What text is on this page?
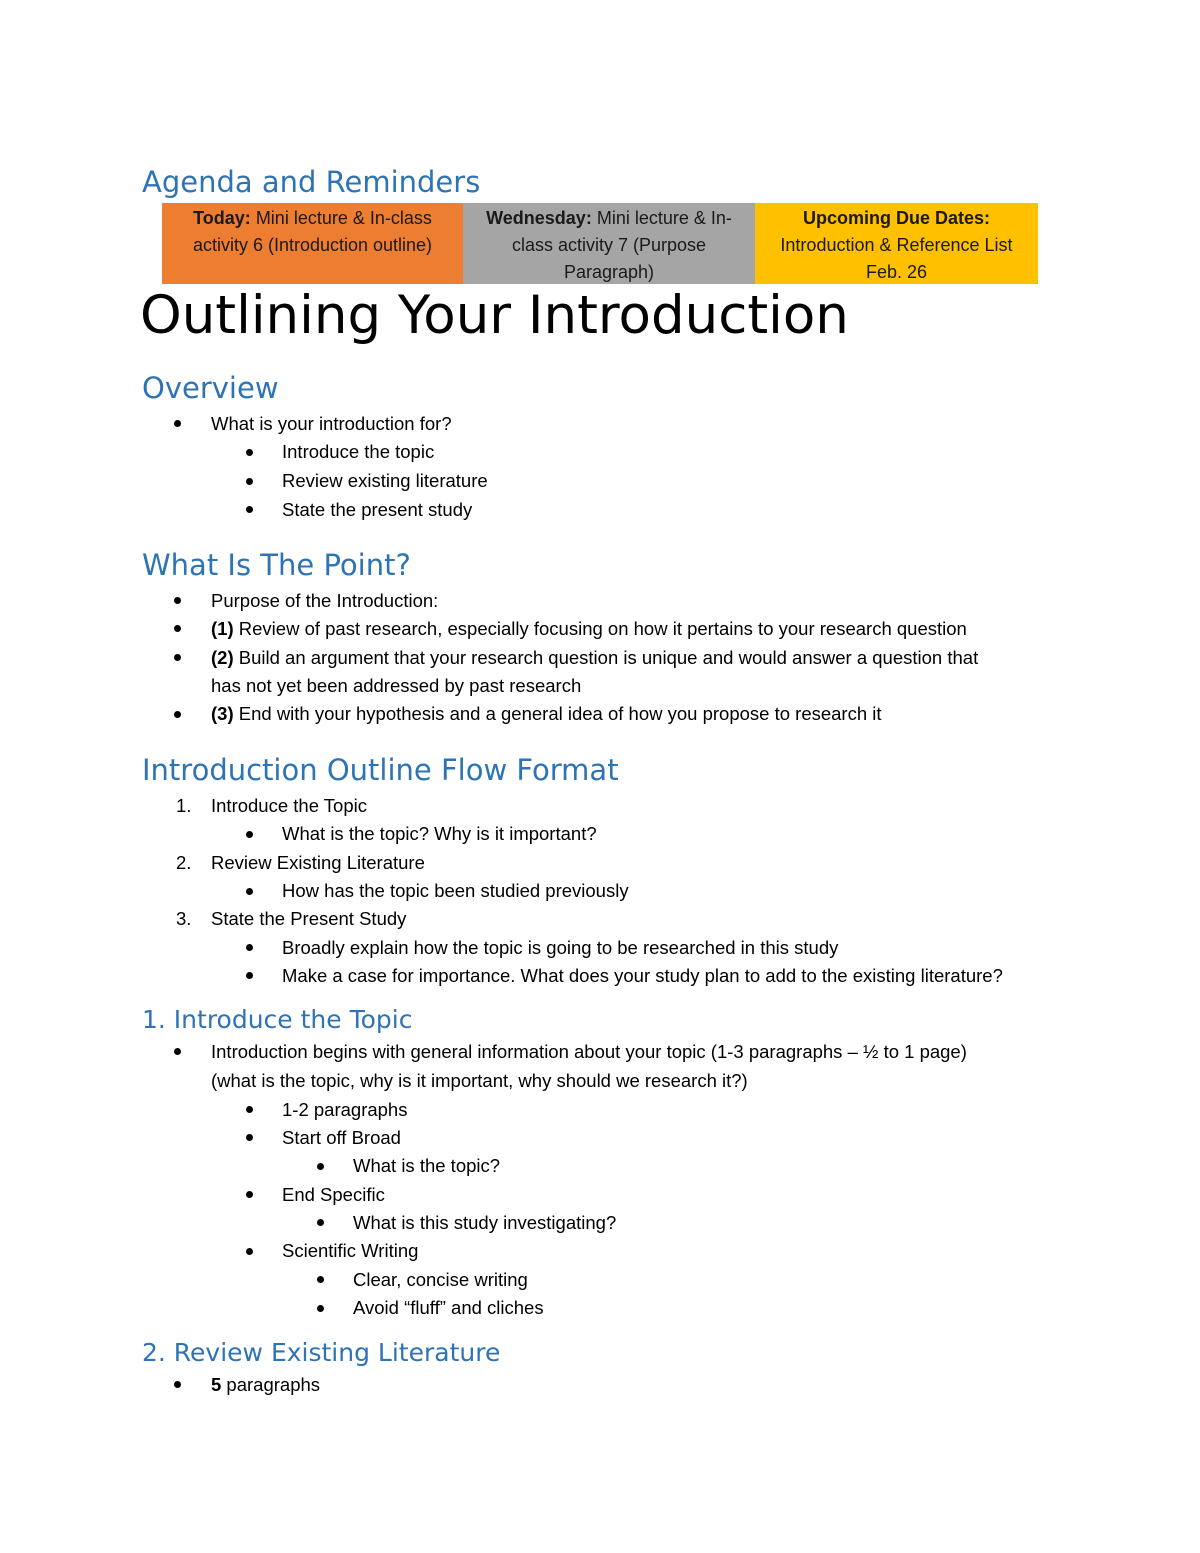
Agenda and Reminders
Today: Mini lecture & In-class activity 6 (Introduction outline)
Wednesday: Mini lecture & In-class activity 7 (Purpose Paragraph)
Upcoming Due Dates:
Introduction & Reference List
Feb. 26
Outlining Your Introduction
Overview
What is your introduction for?
Introduce the topic
Review existing literature
State the present study
What Is The Point?
Purpose of the Introduction:
(1) Review of past research, especially focusing on how it pertains to your research question
(2) Build an argument that your research question is unique and would answer a question that
has not yet been addressed by past research
(3) End with your hypothesis and a general idea of how you propose to research it
Introduction Outline Flow Format
1. Introduce the Topic
What is the topic? Why is it important?
2. Review Existing Literature
How has the topic been studied previously
3. State the Present Study
Broadly explain how the topic is going to be researched in this study
Make a case for importance. What does your study plan to add to the existing literature?
1. Introduce the Topic
Introduction begins with general information about your topic (1-3 paragraphs – ½ to 1 page)
(what is the topic, why is it important, why should we research it?)
1-2 paragraphs
Start off Broad
What is the topic?
End Specific
What is this study investigating?
Scientific Writing
Clear, concise writing
Avoid “fluff” and cliches
2. Review Existing Literature
5 paragraphs
